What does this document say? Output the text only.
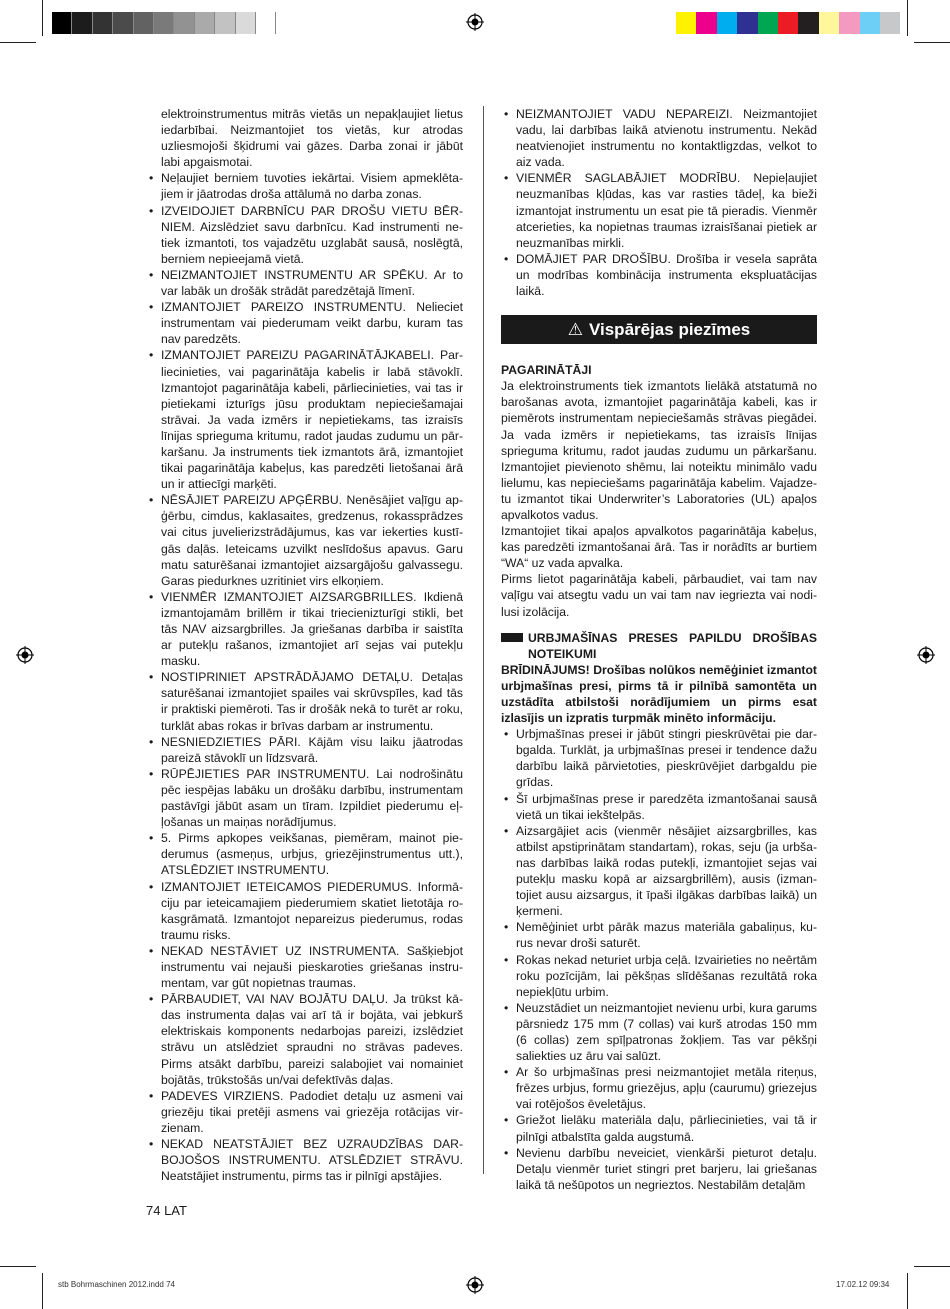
elektroinstrumentus mitrās vietās un nepakļaujiet lietus iedarbībai. Neizmantojiet tos vietās, kur atrodas uzliesmojoši šķidrumi vai gāzes. Darba zonai ir jābūt labi apgaismotai.

• Neļaujiet berniem tuvoties iekārtai. Visiem apmeklētajiem ir jāatrodas droša attālumā no darba zonas.

• IZVEIDOJIET DARBNĪCU PAR DROŠU VIETU BĒRNIEM. Aizslēdziet savu darbnīcu. Kad instrumenti netiek izmantoti, tos vajadzētu uzglabāt sausā, noslēgtā, berniem nepieejamā vietā.

• NEIZMANTOJIET INSTRUMENTU AR SPĒKU. Ar to var labāk un drošāk strādāt paredzētajā līmenī.

• IZMANTOJIET PAREIZO INSTRUMENTU. Nelieciet instrumentam vai piederumam veikt darbu, kuram tas nav paredzēts.

• IZMANTOJIET PAREIZU PAGARINĀTĀJKABELI. Parliecinieties, vai pagarinātāja kabelis ir labā stāvoklī. Izmantojot pagarinātāja kabeli, pārliecinieties, vai tas ir pietiekami izturīgs jūsu produktam nepieciešamajai strāvai. Ja vada izmērs ir nepietiekams, tas izraisīs līnijas sprieguma kritumu, radot jaudas zudumu un pārkaršanu. Ja instruments tiek izmantots ārā, izmantojiet tikai pagarinātāja kabeļus, kas paredzēti lietošanai ārā un ir attiecīgi marķēti.

• NĒSĀJIET PAREIZU APĢĒRBU. Nenēsājiet vaļīgu apģērbu, cimdus, kaklasaites, gredzenus, rokassprādzes vai citus juvelierizstrādājumus, kas var iekerties kustīgās daļās. Ieteicams uzvilkt neslīdošus apavus. Garu matu saturēšanai izmantojiet aizsargājošu galvassegu. Garas piedurknes uzritiniet virs elkoņiem.

• VIENMĒR IZMANTOJIET AIZSARGBRILLES. Ikdienā izmantojamām brillēm ir tikai triecienizturīgi stikli, bet tās NAV aizsargbrilles. Ja griešanas darbība ir saistīta ar putekļu rašanos, izmantojiet arī sejas vai putekļu masku.

• NOSTIPRINIET APSTRĀDĀJAMO DETAĻU. Detaļas saturēšanai izmantojiet spailes vai skrūvspīles, kad tās ir praktiski piemēroti. Tas ir drošāk nekā to turēt ar roku, turklāt abas rokas ir brīvas darbam ar instrumentu.

• NESNIEDZIETIES PĀRI. Kājām visu laiku jāatrodas pareizā stāvoklī un līdzsvarā.

• RŪPĒJIETIES PAR INSTRUMENTU. Lai nodrošinātu pēc iespējas labāku un drošāku darbību, instrumentam pastāvīgi jābūt asam un tīram. Izpildiet piederumu eļļošanas un maiņas norādījumus.

• 5. Pirms apkopes veikšanas, piemēram, mainot piederumus (asmeņus, urbjus, griezējinstrumentus utt.), ATSLĒDZIET INSTRUMENTU.

• IZMANTOJIET IETEICAMOS PIEDERUMUS. Informāciju par ieteicamajiem piederumiem skatiet lietotāja rokasgrāmatā. Izmantojot nepareizus piederumus, rodas traumu risks.

• NEKAD NESTĀVIET UZ INSTRUMENTA. Sašķiebjot instrumentu vai nejauši pieskaroties griešanas instrumentam, var gūt nopietnas traumas.

• PĀRBAUDIET, VAI NAV BOJĀTU DAĻU. Ja trūkst kādas instrumenta daļas vai arī tā ir bojāta, vai jebkurš elektriskais komponents nedarbojas pareizi, izslēdziet strāvu un atslēdziet spraudni no strāvas padeves. Pirms atsākt darbību, pareizi salabojiet vai nomainiet bojātās, trūkstošās un/vai defektīvās daļas.

• PADEVES VIRZIENS. Padodiet detaļu uz asmeni vai griezēju tikai pretēji asmens vai griezēja rotācijas virzienam.

• NEKAD NEATSTĀJIET BEZ UZRAUDZĪBAS DARBOJOŠOS INSTRUMENTU. ATSLĒDZIET STRĀVU. Neatstājiet instrumentu, pirms tas ir pilnīgi apstājies.

• NEIZMANTOJIET VADU NEPAREIZI. Neizmantojiet vadu, lai darbības laikā atvienotu instrumentu. Nekād neatvienojiet instrumentu no kontaktligzdas, velkot to aiz vada.

• VIENMĒR SAGLABĀJIET MODRĪBU. Nepieļaujiet neuzmanības kļūdas, kas var rasties tādeļ, ka bieži izmantojat instrumentu un esat pie tā pieradis. Vienmēr atcerieties, ka nopietnas traumas izraisīšanai pietiek ar neuzmanības mirkli.

• DOMĀJIET PAR DROŠĪBU. Drošība ir vesela saprāta un modrības kombinācija instrumenta ekspluatācijas laikā.

⚠ Vispārējas piezīmes

PAGARINĀTĀJI

Ja elektroinstruments tiek izmantots lielākā atstatumā no barošanas avota, izmantojiet pagarinātāja kabeli, kas ir piemērots instrumentam nepieciešamās strāvas piegādei. Ja vada izmērs ir nepietiekams, tas izraisīs līnijas sprieguma kritumu, radot jaudas zudumu un pārkaršanu. Izmantojiet pievienoto shēmu, lai noteiktu minimālo vadu lielumu, kas nepieciešams pagarinātāja kabelim. Vajadzetu izmantot tikai Underwriter’s Laboratories (UL) apaļos apvalkotos vadus.

Izmantojiet tikai apaļos apvalkotos pagarinātāja kabeļus, kas paredzēti izmantošanai ārā. Tas ir norādīts ar burtiem “WA“ uz vada apvalka.

Pirms lietot pagarinātāja kabeli, pārbaudiet, vai tam nav vaļīgu vai atsegtu vadu un vai tam nav iegriezta vai nodilusi izolācija.

URBJMAŠĪNAS PRESES PAPILDU DROŠĪBAS NOTEIKUMI

BRĪDINĀJUMS! Drošības nolūkos nemēģiniet izmantot urbjmašīnas presi, pirms tā ir pilnībā samontēta un uzstādīta atbilstoši norādījumiem un pirms esat izlasījis un izpratis turpmāk minēto informāciju.

• Urbjmašīnas presei ir jābūt stingri pieskrūvētai pie darbgalda. Turklāt, ja urbjmašīnas presei ir tendence dažu darbību laikā pārvietoties, pieskrūvējiet darbgaldu pie grīdas.

• Šī urbjmašīnas prese ir paredzēta izmantošanai sausā vietā un tikai iekštelpās.

• Aizsargājiet acis (vienmēr nēsājiet aizsargbrilles, kas atbilst apstiprinātam standartam), rokas, seju (ja urbšanas darbības laikā rodas putekļi, izmantojiet sejas vai putekļu masku kopā ar aizsargbrillēm), ausis (izmantojiet ausu aizsargus, it īpaši ilgākas darbības laikā) un ķermeni.

• Nemēģiniet urbt pārāk mazus materiāla gabaliņus, kurus nevar droši saturēt.

• Rokas nekad neturiet urbja ceļā. Izvairieties no neērtām roku pozīcijām, lai pēkšņas slīdēšanas rezultātā roka nepiekļūtu urbim.

• Neuzstādiet un neizmantojiet nevienu urbi, kura garums pārsniedz 175 mm (7 collas) vai kurš atrodas 150 mm (6 collas) zem spīļpatronas žokļiem. Tas var pēkšņi saliekties uz āru vai salūzt.

• Ar šo urbjmašīnas presi neizmantojiet metāla riteņus, frēzes urbjus, formu griezējus, apļu (caurumu) griezejus vai rotējošos ēveletājus.

• Griežot lielāku materiāla daļu, pārliecinieties, vai tā ir pilnīgi atbalstīta galda augstumā.

• Nevienu darbību neveiciet, vienkārši pieturot detaļu. Detaļu vienmēr turiet stingri pret barjeru, lai griešanas laikā tā nešūpotos un negrieztos. Nestabilām detaļām

74 LAT
stb Bohrmaschinen 2012.indd 74	17.02.12 09:34
